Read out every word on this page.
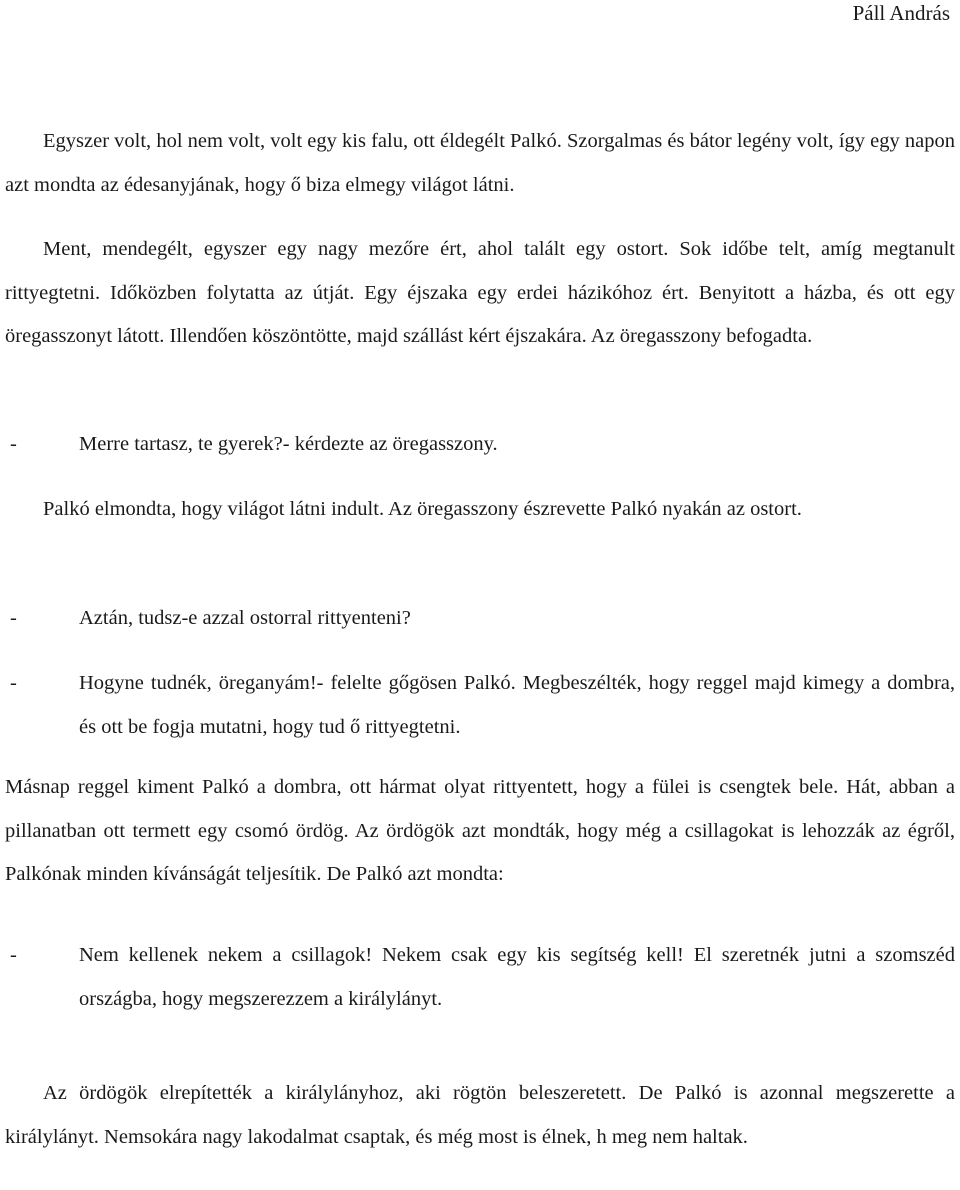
Páll András

Egyszer volt, hol nem volt, volt egy kis falu, ott éldegélt Palkó. Szorgalmas és bátor legény volt, így egy napon azt mondta az édesanyjának, hogy ő biza elmegy világot látni.

Ment, mendegélt, egyszer egy nagy mezőre ért, ahol talált egy ostort. Sok időbe telt, amíg megtanult rittyegtetni. Időközben folytatta az útját. Egy éjszaka egy erdei házikóhoz ért. Benyitott a házba, és ott egy öregasszonyt látott. Illendően köszöntötte, majd szállást kért éjszakára. Az öregasszony befogadta.

-	Merre tartasz, te gyerek?- kérdezte az öregasszony.

Palkó elmondta, hogy világot látni indult. Az öregasszony észrevette Palkó nyakán az ostort.

-	Aztán, tudsz-e azzal ostorral rittyenteni?
-	Hogyne tudnék, öreganyám!- felelte gőgösen Palkó. Megbeszélték, hogy reggel majd kimegy a dombra, és ott be fogja mutatni, hogy tud ő rittyegtetni.

Másnap reggel kiment Palkó a dombra, ott hármat olyat rittyentett, hogy a fülei is csengtek bele. Hát, abban a pillanatban ott termett egy csomó ördög. Az ördögök azt mondták, hogy még a csillagokat is lehozzák az égről, Palkónak minden kívánságát teljesítik. De Palkó azt mondta:

-	Nem kellenek nekem a csillagok! Nekem csak egy kis segítség kell! El szeretnék jutni a szomszéd országba, hogy megszerezzem a királylányt.

Az ördögök elrepítették a királylányhoz, aki rögtön beleszeretett. De Palkó is azonnal megszerette a királylányt. Nemsokára nagy lakodalmat csaptak, és még most is élnek, h meg nem haltak.
